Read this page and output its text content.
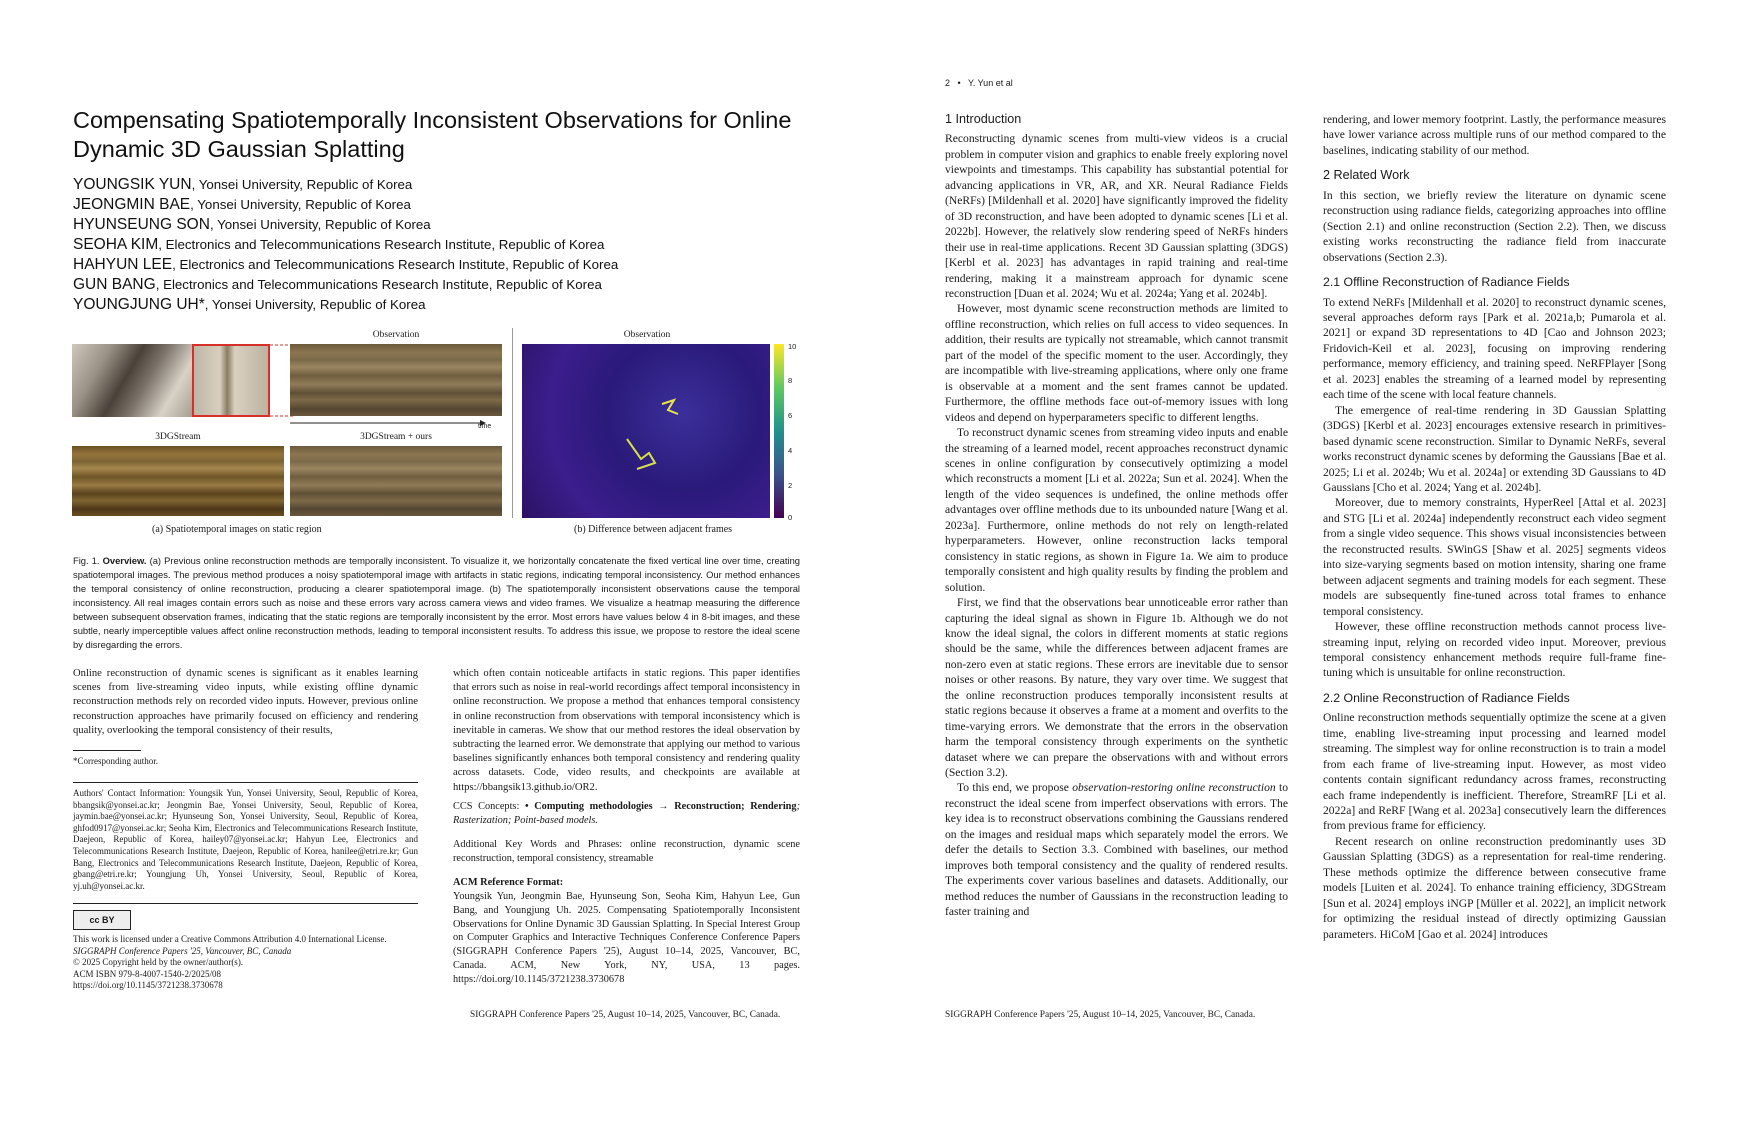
Compensating Spatiotemporally Inconsistent Observations for Online Dynamic 3D Gaussian Splatting
YOUNGSIK YUN, Yonsei University, Republic of Korea
JEONGMIN BAE, Yonsei University, Republic of Korea
HYUNSEUNG SON, Yonsei University, Republic of Korea
SEOHA KIM, Electronics and Telecommunications Research Institute, Republic of Korea
HAHYUN LEE, Electronics and Telecommunications Research Institute, Republic of Korea
GUN BANG, Electronics and Telecommunications Research Institute, Republic of Korea
YOUNGJUNG UH*, Yonsei University, Republic of Korea
Observation
time
3DGStream	3DGStream + ours
(a) Spatiotemporal images on static region
Observation
10
8
6
4
2
0
(b) Difference between adjacent frames
Fig. 1. Overview. (a) Previous online reconstruction methods are temporally inconsistent. To visualize it, we horizontally concatenate the fixed vertical line over time, creating spatiotemporal images. The previous method produces a noisy spatiotemporal image with artifacts in static regions, indicating temporal inconsistency. Our method enhances the temporal consistency of online reconstruction, producing a clearer spatiotemporal image. (b) The spatiotemporally inconsistent observations cause the temporal inconsistency. All real images contain errors such as noise and these errors vary across camera views and video frames. We visualize a heatmap measuring the difference between subsequent observation frames, indicating that the static regions are temporally inconsistent by the error. Most errors have values below 4 in 8-bit images, and these subtle, nearly imperceptible values affect online reconstruction methods, leading to temporal inconsistent results. To address this issue, we propose to restore the ideal scene by disregarding the errors.
Online reconstruction of dynamic scenes is significant as it enables learning scenes from live-streaming video inputs, while existing offline dynamic reconstruction methods rely on recorded video inputs. However, previous online reconstruction approaches have primarily focused on efficiency and rendering quality, overlooking the temporal consistency of their results,
which often contain noticeable artifacts in static regions. This paper identifies that errors such as noise in real-world recordings affect temporal inconsistency in online reconstruction. We propose a method that enhances temporal consistency in online reconstruction from observations with temporal inconsistency which is inevitable in cameras. We show that our method restores the ideal observation by subtracting the learned error. We demonstrate that applying our method to various baselines significantly enhances both temporal consistency and rendering quality across datasets. Code, video results, and checkpoints are available at https://bbangsik13.github.io/OR2.
*Corresponding author.
Authors' Contact Information: Youngsik Yun, Yonsei University, Seoul, Republic of Korea, bbangsik@yonsei.ac.kr; Jeongmin Bae, Yonsei University, Seoul, Republic of Korea, jaymin.bae@yonsei.ac.kr; Hyunseung Son, Yonsei University, Seoul, Republic of Korea, ghfod0917@yonsei.ac.kr; Seoha Kim, Electronics and Telecommunications Research Institute, Daejeon, Republic of Korea, hailey07@yonsei.ac.kr; Hahyun Lee, Electronics and Telecommunications Research Institute, Daejeon, Republic of Korea, hanilee@etri.re.kr; Gun Bang, Electronics and Telecommunications Research Institute, Daejeon, Republic of Korea, gbang@etri.re.kr; Youngjung Uh, Yonsei University, Seoul, Republic of Korea, yj.uh@yonsei.ac.kr.
cc BY
This work is licensed under a Creative Commons Attribution 4.0 International License.
SIGGRAPH Conference Papers '25, Vancouver, BC, Canada
© 2025 Copyright held by the owner/author(s).
ACM ISBN 979-8-4007-1540-2/2025/08
https://doi.org/10.1145/3721238.3730678
CCS Concepts: • Computing methodologies → Reconstruction; Rendering; Rasterization; Point-based models.
Additional Key Words and Phrases: online reconstruction, dynamic scene reconstruction, temporal consistency, streamable
ACM Reference Format:
Youngsik Yun, Jeongmin Bae, Hyunseung Son, Seoha Kim, Hahyun Lee, Gun Bang, and Youngjung Uh. 2025. Compensating Spatiotemporally Inconsistent Observations for Online Dynamic 3D Gaussian Splatting. In Special Interest Group on Computer Graphics and Interactive Techniques Conference Conference Papers (SIGGRAPH Conference Papers '25), August 10–14, 2025, Vancouver, BC, Canada. ACM, New York, NY, USA, 13 pages. https://doi.org/10.1145/3721238.3730678
SIGGRAPH Conference Papers '25, August 10–14, 2025, Vancouver, BC, Canada.
2   •   Y. Yun et al
1 Introduction

Reconstructing dynamic scenes from multi-view videos is a crucial problem in computer vision and graphics to enable freely exploring novel viewpoints and timestamps. This capability has substantial potential for advancing applications in VR, AR, and XR. Neural Radiance Fields (NeRFs) [Mildenhall et al. 2020] have significantly improved the fidelity of 3D reconstruction, and have been adopted to dynamic scenes [Li et al. 2022b]. However, the relatively slow rendering speed of NeRFs hinders their use in real-time applications. Recent 3D Gaussian splatting (3DGS) [Kerbl et al. 2023] has advantages in rapid training and real-time rendering, making it a mainstream approach for dynamic scene reconstruction [Duan et al. 2024; Wu et al. 2024a; Yang et al. 2024b].

However, most dynamic scene reconstruction methods are limited to offline reconstruction, which relies on full access to video sequences. In addition, their results are typically not streamable, which cannot transmit part of the model of the specific moment to the user. Accordingly, they are incompatible with live-streaming applications, where only one frame is observable at a moment and the sent frames cannot be updated. Furthermore, the offline methods face out-of-memory issues with long videos and depend on hyperparameters specific to different lengths.

To reconstruct dynamic scenes from streaming video inputs and enable the streaming of a learned model, recent approaches reconstruct dynamic scenes in online configuration by consecutively optimizing a model which reconstructs a moment [Li et al. 2022a; Sun et al. 2024]. When the length of the video sequences is undefined, the online methods offer advantages over offline methods due to its unbounded nature [Wang et al. 2023a]. Furthermore, online methods do not rely on length-related hyperparameters. However, online reconstruction lacks temporal consistency in static regions, as shown in Figure 1a. We aim to produce temporally consistent and high quality results by finding the problem and solution.

First, we find that the observations bear unnoticeable error rather than capturing the ideal signal as shown in Figure 1b. Although we do not know the ideal signal, the colors in different moments at static regions should be the same, while the differences between adjacent frames are non-zero even at static regions. These errors are inevitable due to sensor noises or other reasons. By nature, they vary over time. We suggest that the online reconstruction produces temporally inconsistent results at static regions because it observes a frame at a moment and overfits to the time-varying errors. We demonstrate that the errors in the observation harm the temporal consistency through experiments on the synthetic dataset where we can prepare the observations with and without errors (Section 3.2).

To this end, we propose observation-restoring online reconstruction to reconstruct the ideal scene from imperfect observations with errors. The key idea is to reconstruct observations combining the Gaussians rendered on the images and residual maps which separately model the errors. We defer the details to Section 3.3. Combined with baselines, our method improves both temporal consistency and the quality of rendered results. The experiments cover various baselines and datasets. Additionally, our method reduces the number of Gaussians in the reconstruction leading to faster training and

rendering, and lower memory footprint. Lastly, the performance measures have lower variance across multiple runs of our method compared to the baselines, indicating stability of our method.

2 Related Work

In this section, we briefly review the literature on dynamic scene reconstruction using radiance fields, categorizing approaches into offline (Section 2.1) and online reconstruction (Section 2.2). Then, we discuss existing works reconstructing the radiance field from inaccurate observations (Section 2.3).

2.1 Offline Reconstruction of Radiance Fields

To extend NeRFs [Mildenhall et al. 2020] to reconstruct dynamic scenes, several approaches deform rays [Park et al. 2021a,b; Pumarola et al. 2021] or expand 3D representations to 4D [Cao and Johnson 2023; Fridovich-Keil et al. 2023], focusing on improving rendering performance, memory efficiency, and training speed. NeRFPlayer [Song et al. 2023] enables the streaming of a learned model by representing each time of the scene with local feature channels.

The emergence of real-time rendering in 3D Gaussian Splatting (3DGS) [Kerbl et al. 2023] encourages extensive research in primitives-based dynamic scene reconstruction. Similar to Dynamic NeRFs, several works reconstruct dynamic scenes by deforming the Gaussians [Bae et al. 2025; Li et al. 2024b; Wu et al. 2024a] or extending 3D Gaussians to 4D Gaussians [Cho et al. 2024; Yang et al. 2024b].

Moreover, due to memory constraints, HyperReel [Attal et al. 2023] and STG [Li et al. 2024a] independently reconstruct each video segment from a single video sequence. This shows visual inconsistencies between the reconstructed results. SWinGS [Shaw et al. 2025] segments videos into size-varying segments based on motion intensity, sharing one frame between adjacent segments and training models for each segment. These models are subsequently fine-tuned across total frames to enhance temporal consistency.

However, these offline reconstruction methods cannot process live-streaming input, relying on recorded video input. Moreover, previous temporal consistency enhancement methods require full-frame fine-tuning which is unsuitable for online reconstruction.

2.2 Online Reconstruction of Radiance Fields

Online reconstruction methods sequentially optimize the scene at a given time, enabling live-streaming input processing and learned model streaming. The simplest way for online reconstruction is to train a model from each frame of live-streaming input. However, as most video contents contain significant redundancy across frames, reconstructing each frame independently is inefficient. Therefore, StreamRF [Li et al. 2022a] and ReRF [Wang et al. 2023a] consecutively learn the differences from previous frame for efficiency.

Recent research on online reconstruction predominantly uses 3D Gaussian Splatting (3DGS) as a representation for real-time rendering. These methods optimize the difference between consecutive frame models [Luiten et al. 2024]. To enhance training efficiency, 3DGStream [Sun et al. 2024] employs iNGP [Müller et al. 2022], an implicit network for optimizing the residual instead of directly optimizing Gaussian parameters. HiCoM [Gao et al. 2024] introduces

SIGGRAPH Conference Papers '25, August 10–14, 2025, Vancouver, BC, Canada.
